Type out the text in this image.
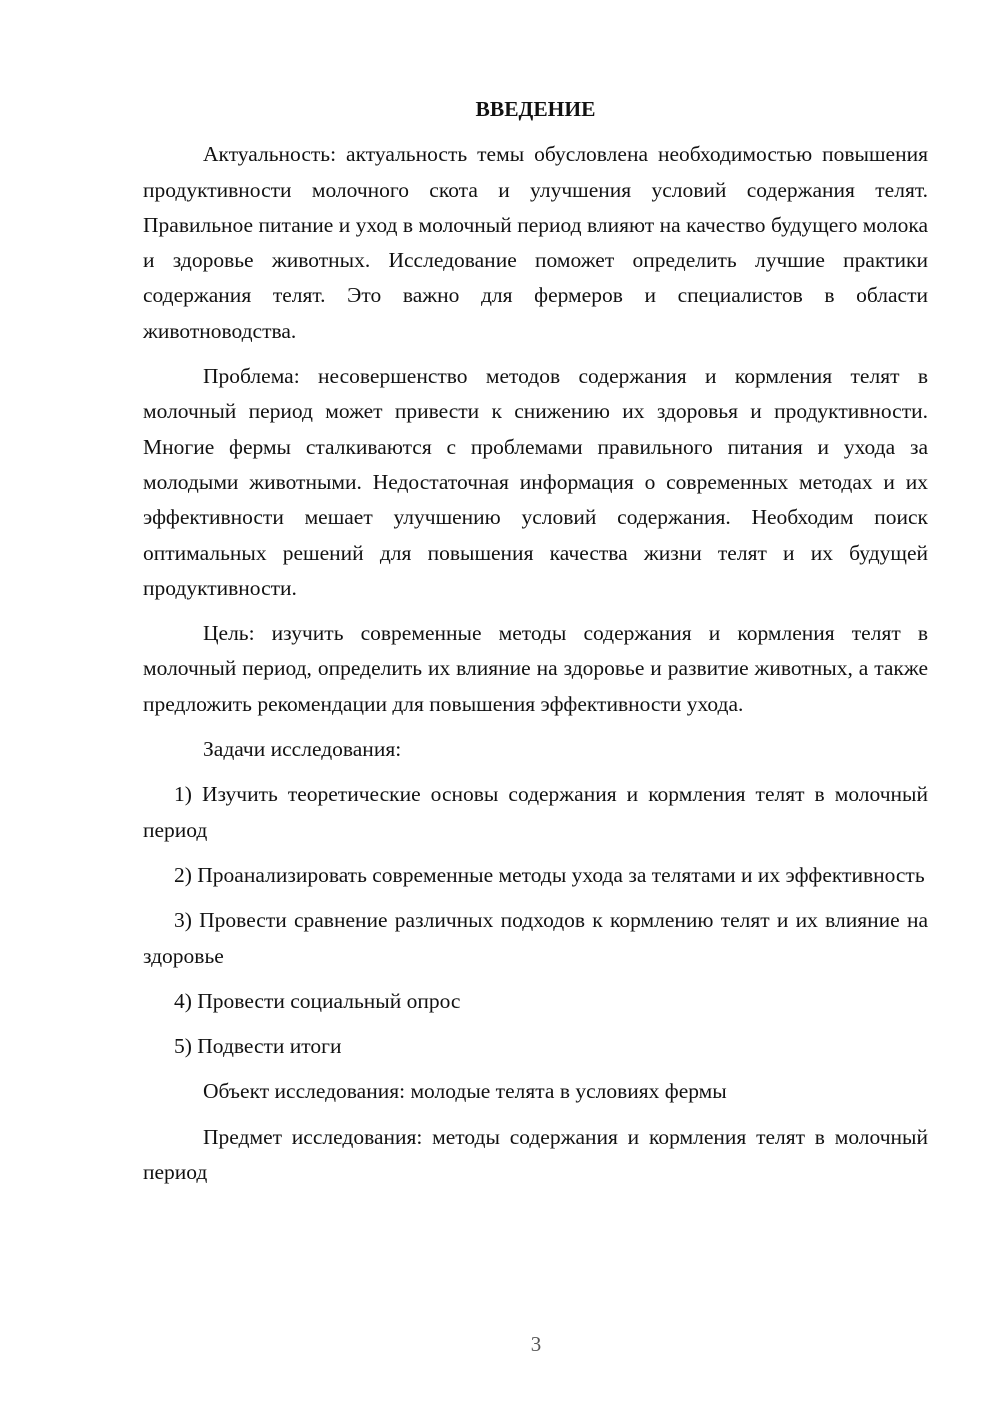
ВВЕДЕНИЕ

Актуальность: актуальность темы обусловлена необходимостью повышения продуктивности молочного скота и улучшения условий содержания телят. Правильное питание и уход в молочный период влияют на качество будущего молока и здоровье животных. Исследование поможет определить лучшие практики содержания телят. Это важно для фермеров и специалистов в области животноводства.

Проблема: несовершенство методов содержания и кормления телят в молочный период может привести к снижению их здоровья и продуктивности. Многие фермы сталкиваются с проблемами правильного питания и ухода за молодыми животными. Недостаточная информация о современных методах и их эффективности мешает улучшению условий содержания. Необходим поиск оптимальных решений для повышения качества жизни телят и их будущей продуктивности.

Цель: изучить современные методы содержания и кормления телят в молочный период, определить их влияние на здоровье и развитие животных, а также предложить рекомендации для повышения эффективности ухода.

Задачи исследования:

1) Изучить теоретические основы содержания и кормления телят в молочный период

2) Проанализировать современные методы ухода за телятами и их эффективность

3) Провести сравнение различных подходов к кормлению телят и их влияние на здоровье

4) Провести социальный опрос

5) Подвести итоги

Объект исследования: молодые телята в условиях фермы

Предмет исследования: методы содержания и кормления телят в молочный период

3
